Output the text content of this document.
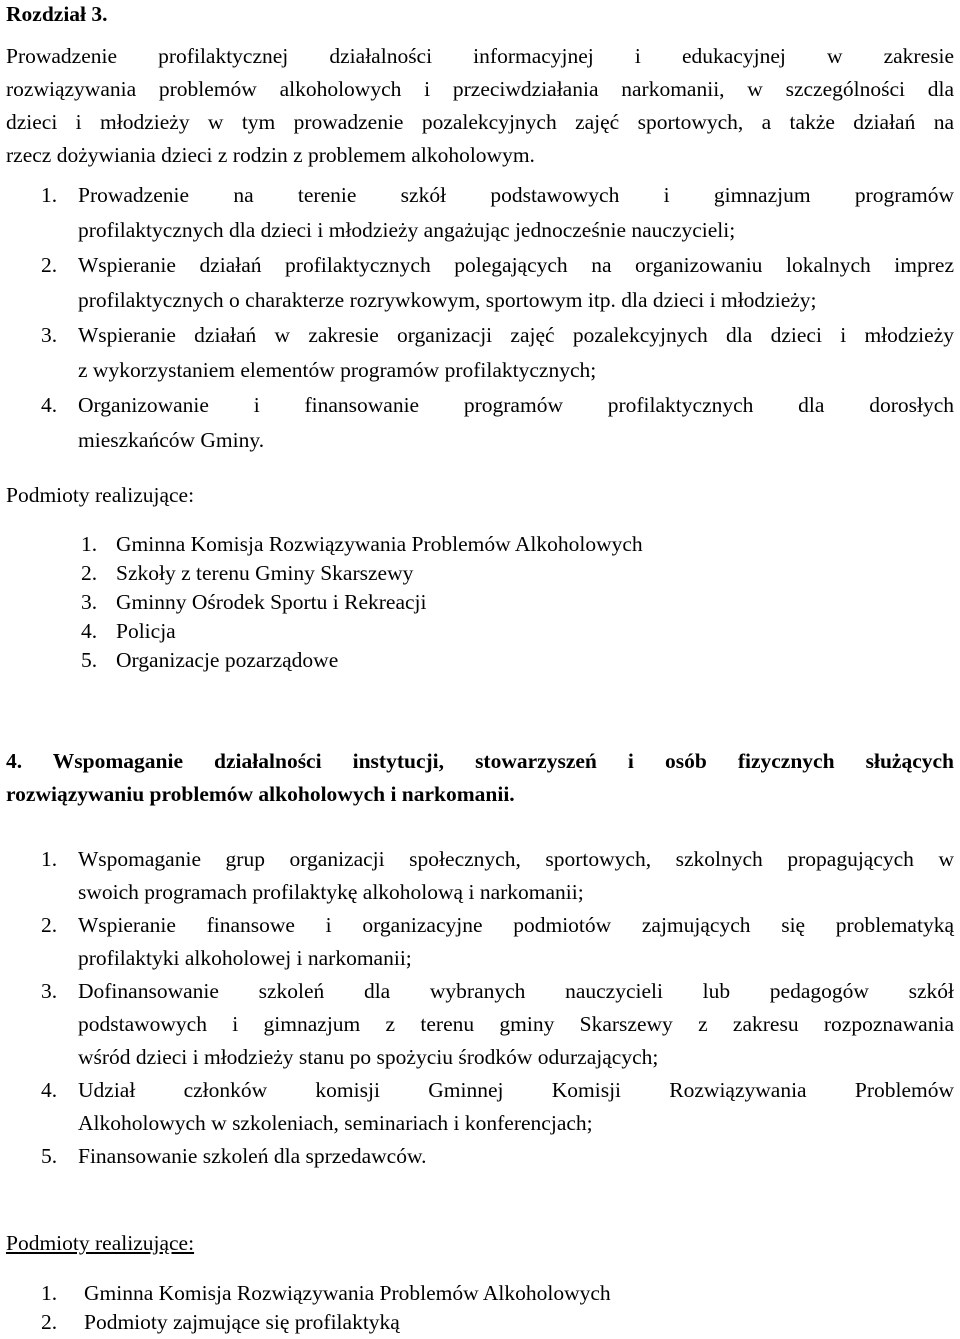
Rozdział 3.
Prowadzenie profilaktycznej działalności informacyjnej i edukacyjnej w zakresie
rozwiązywania problemów alkoholowych i przeciwdziałania narkomanii, w szczególności dla
dzieci i młodzieży w tym prowadzenie pozalekcyjnych zajęć sportowych, a także działań na
rzecz dożywiania dzieci z rodzin z problemem alkoholowym.
1. Prowadzenie na terenie szkół podstawowych i gimnazjum programów
profilaktycznych dla dzieci i młodzieży angażując jednocześnie nauczycieli;
2. Wspieranie działań profilaktycznych polegających na organizowaniu lokalnych imprez
profilaktycznych o charakterze rozrywkowym, sportowym itp. dla dzieci i młodzieży;
3. Wspieranie działań w zakresie organizacji zajęć pozalekcyjnych dla dzieci i młodzieży
z wykorzystaniem elementów programów profilaktycznych;
4. Organizowanie i finansowanie programów profilaktycznych dla dorosłych
mieszkańców Gminy.
Podmioty realizujące:
1. Gminna Komisja Rozwiązywania Problemów Alkoholowych
2. Szkoły z terenu Gminy Skarszewy
3. Gminny Ośrodek Sportu i Rekreacji
4. Policja
5. Organizacje pozarządowe
4. Wspomaganie działalności instytucji, stowarzyszeń i osób fizycznych służących
rozwiązywaniu problemów alkoholowych i narkomanii.
1. Wspomaganie grup organizacji społecznych, sportowych, szkolnych propagujących w
swoich programach profilaktykę alkoholową i narkomanii;
2. Wspieranie finansowe i organizacyjne podmiotów zajmujących się problematyką
profilaktyki alkoholowej i narkomanii;
3. Dofinansowanie szkoleń dla wybranych nauczycieli lub pedagogów szkół
podstawowych i gimnazjum z terenu gminy Skarszewy z zakresu rozpoznawania
wśród dzieci i młodzieży stanu po spożyciu środków odurzających;
4. Udział członków komisji Gminnej Komisji Rozwiązywania Problemów
Alkoholowych w szkoleniach, seminariach i konferencjach;
5. Finansowanie szkoleń dla sprzedawców.
Podmioty realizujące:
1. Gminna Komisja Rozwiązywania Problemów Alkoholowych
2. Podmioty zajmujące się profilaktyką
